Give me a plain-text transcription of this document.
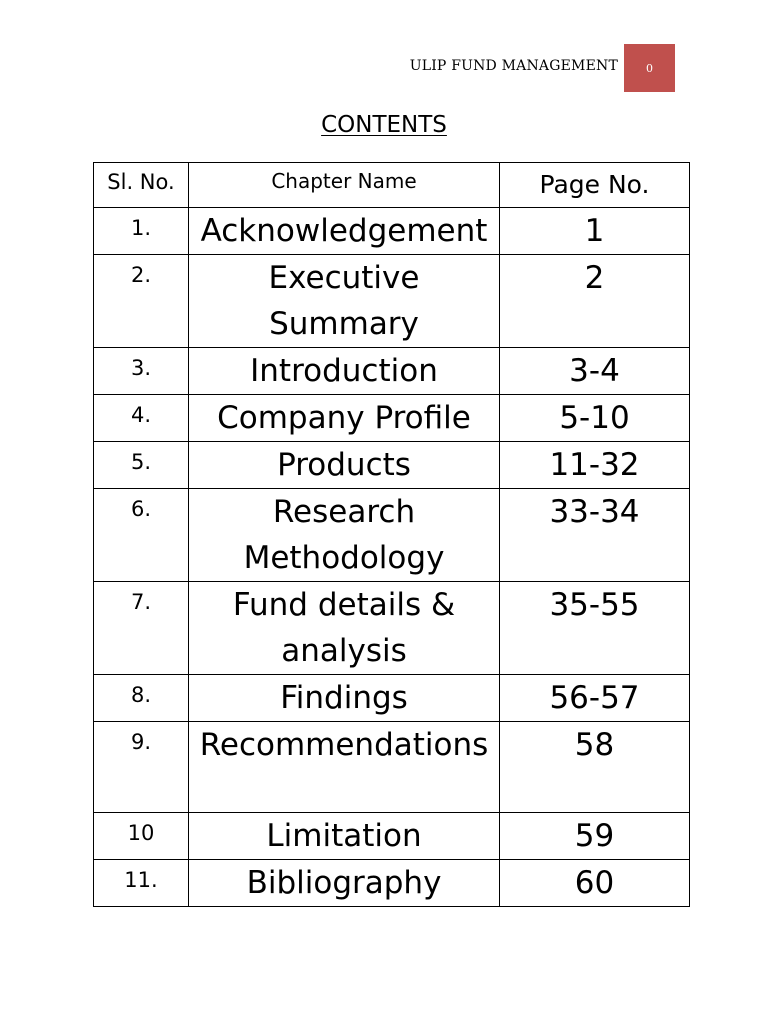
ULIP FUND MANAGEMENT	0
CONTENTS
Sl. No.	Chapter Name	Page No.
1.	Acknowledgement	1
2.	Executive Summary	2
3.	Introduction	3-4
4.	Company Profile	5-10
5.	Products	11-32
6.	Research Methodology	33-34
7.	Fund details & analysis	35-55
8.	Findings	56-57
9.	Recommendations	58
10	Limitation	59
11.	Bibliography	60
